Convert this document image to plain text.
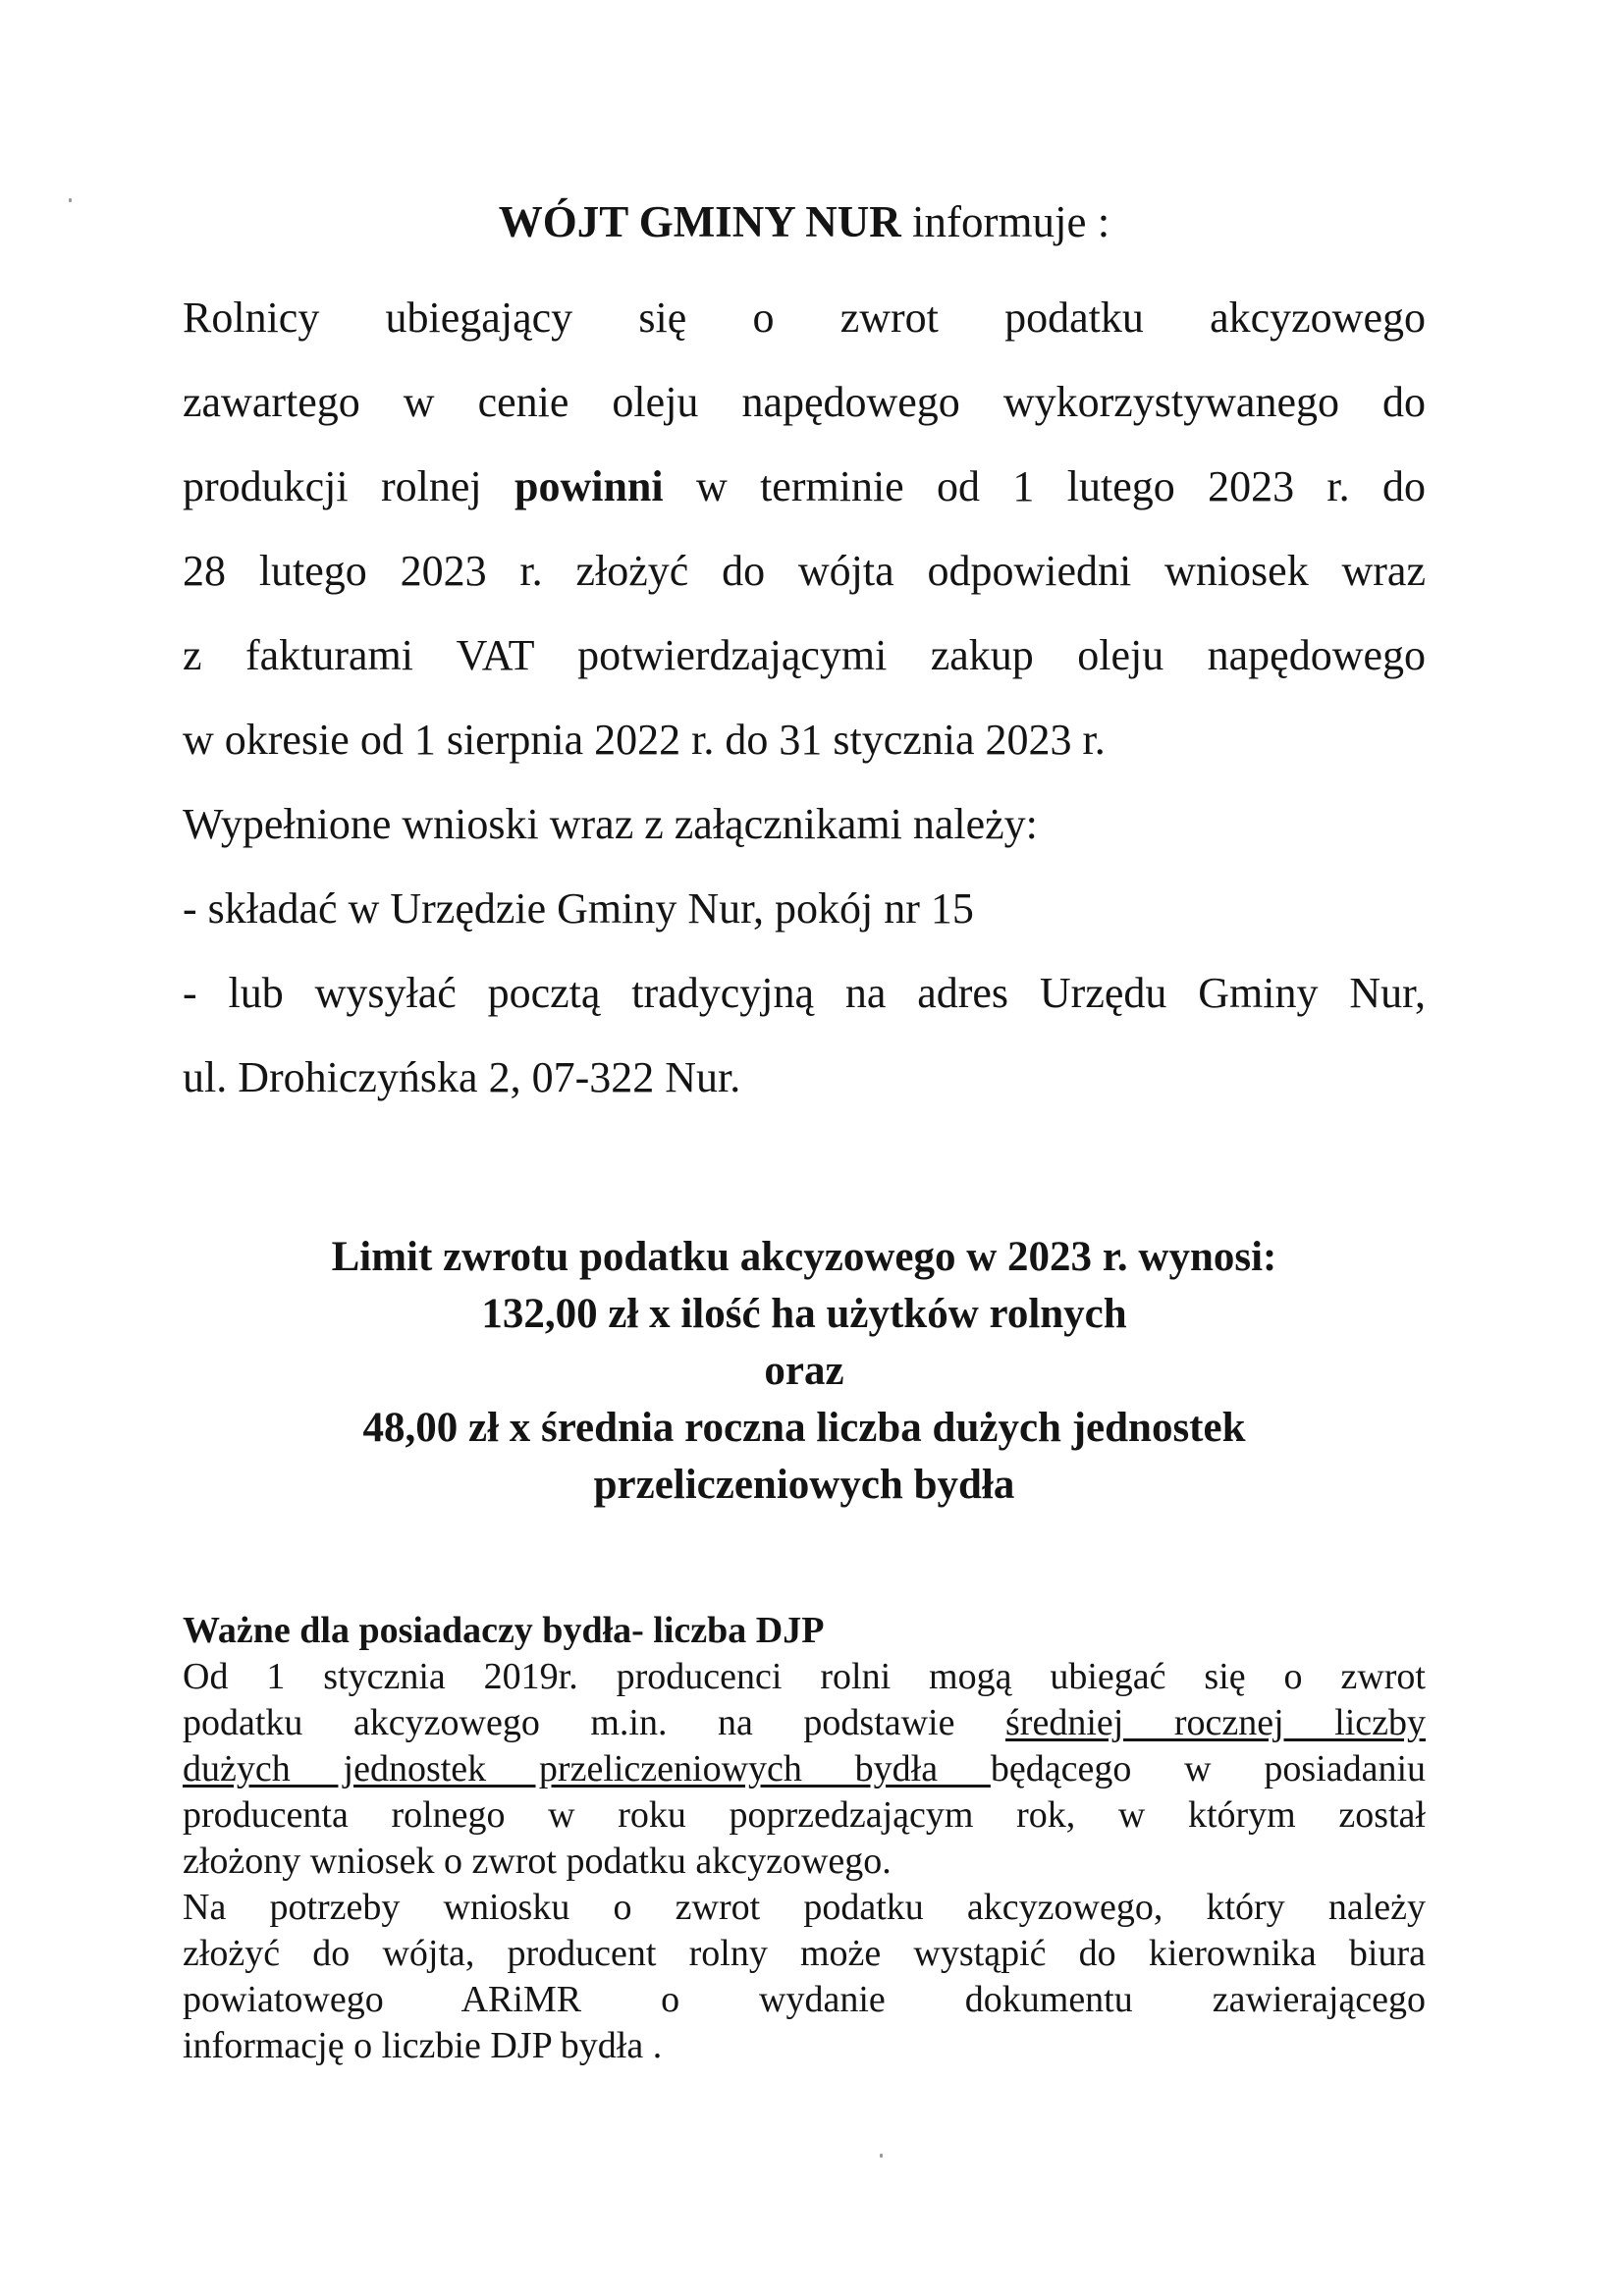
WÓJT GMINY NUR informuje :

Rolnicy ubiegający się o zwrot podatku akcyzowego

zawartego w cenie oleju napędowego wykorzystywanego do

produkcji rolnej powinni w terminie od 1 lutego 2023 r. do

28 lutego 2023 r. złożyć do wójta odpowiedni wniosek wraz

z fakturami VAT potwierdzającymi zakup oleju napędowego

w okresie od 1 sierpnia 2022 r. do 31 stycznia 2023 r.

Wypełnione wnioski wraz z załącznikami należy:

- składać w Urzędzie Gminy Nur, pokój nr 15

- lub wysyłać pocztą tradycyjną na adres Urzędu Gminy Nur,

ul. Drohiczyńska 2, 07-322 Nur.

Limit zwrotu podatku akcyzowego w 2023 r. wynosi:

132,00 zł x ilość ha użytków rolnych

oraz

48,00 zł x średnia roczna liczba dużych jednostek

przeliczeniowych bydła

Ważne dla posiadaczy bydła- liczba DJP

Od 1 stycznia 2019r. producenci rolni mogą ubiegać się o zwrot

podatku akcyzowego m.in. na podstawie średniej rocznej liczby

dużych jednostek przeliczeniowych bydła będącego w posiadaniu

producenta rolnego w roku poprzedzającym rok, w którym został

złożony wniosek o zwrot podatku akcyzowego.

Na potrzeby wniosku o zwrot podatku akcyzowego, który należy

złożyć do wójta, producent rolny może wystąpić do kierownika biura

powiatowego ARiMR o wydanie dokumentu zawierającego

informację o liczbie DJP bydła .
